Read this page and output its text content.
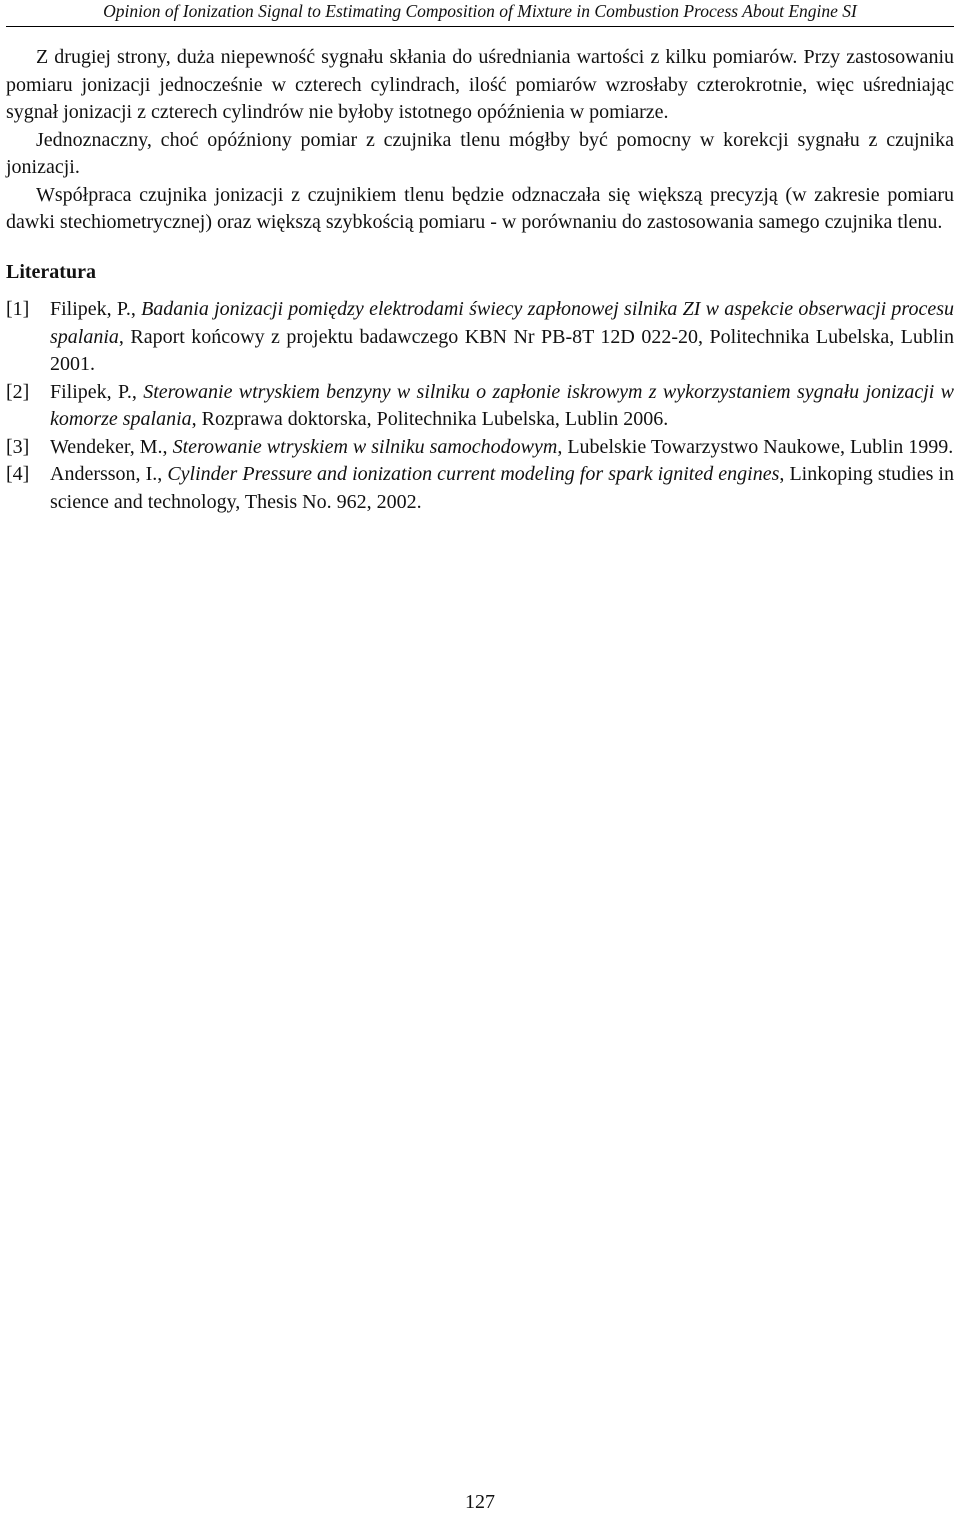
Opinion of Ionization Signal to Estimating Composition of Mixture in Combustion Process About Engine SI

Z drugiej strony, duża niepewność sygnału skłania do uśredniania wartości z kilku pomiarów. Przy zastosowaniu pomiaru jonizacji jednocześnie w czterech cylindrach, ilość pomiarów wzrosłaby czterokrotnie, więc uśredniając sygnał jonizacji z czterech cylindrów nie byłoby istotnego opóźnienia w pomiarze.

Jednoznaczny, choć opóźniony pomiar z czujnika tlenu mógłby być pomocny w korekcji sygnału z czujnika jonizacji.

Współpraca czujnika jonizacji z czujnikiem tlenu będzie odznaczała się większą precyzją (w zakresie pomiaru dawki stechiometrycznej) oraz większą szybkością pomiaru - w porównaniu do zastosowania samego czujnika tlenu.

Literatura
[1]	Filipek, P., Badania jonizacji pomiędzy elektrodami świecy zapłonowej silnika ZI w aspekcie obserwacji procesu spalania, Raport końcowy z projektu badawczego KBN Nr PB-8T 12D 022-20, Politechnika Lubelska, Lublin 2001.
[2]	Filipek, P., Sterowanie wtryskiem benzyny w silniku o zapłonie iskrowym z wykorzystaniem sygnału jonizacji w komorze spalania, Rozprawa doktorska, Politechnika Lubelska, Lublin 2006.
[3]	Wendeker, M., Sterowanie wtryskiem w silniku samochodowym, Lubelskie Towarzystwo Naukowe, Lublin 1999.
[4]	Andersson, I., Cylinder Pressure and ionization current modeling for spark ignited engines, Linkoping studies in science and technology, Thesis No. 962, 2002.
127
